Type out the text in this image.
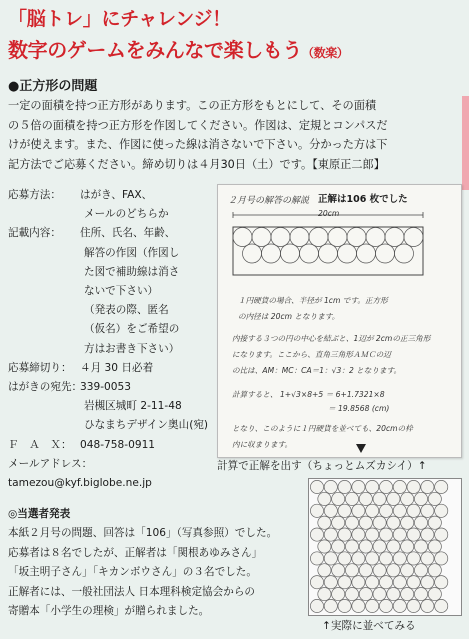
「脳トレ」にチャレンジ！
数字のゲームをみんなで楽しもう（数楽）
●正方形の問題
一定の面積を持つ正方形があります。この正方形をもとにして、その面積
の５倍の面積を持つ正方形を作図してください。作図は、定規とコンパスだ
けが使えます。また、作図に使った線は消さないで下さい。分かった方は下
記方法でご応募ください。締め切りは４月30日（土）です。【東原正二郎】
応募方法：	はがき、FAX、
メールのどちらか
記載内容：	住所、氏名、年齢、
解答の作図（作図し
た図で補助線は消さ
ないで下さい）
（発表の際、匿名
（仮名）をご希望の
方はお書き下さい）
応募締切り： ４月 30 日必着
はがきの宛先：
339-0053
岩槻区城町 2-11-48
ひなまちデザイン奥山(宛)
Ｆ　Ａ　Ｘ： 048-758-0911
メールアドレス：
tamezou@kyf.biglobe.ne.jp
正解は106 枚でした
２月号の解答の解説
20cm
１円硬貨の場合、半径が 1cm です。正方形
の内径は 20cm となります。
内接する３つの円の中心を結ぶと、1辺が 2cmの正三角形
になります。ここから、直角三角形ＡＭＣの辺
の比は、AM：MC：CA＝1：√3：2 となります。
計算すると、 1+√3×8+5 ＝ 6+1.7321×8
＝ 19.8568 (cm)
となり、このように１円硬貨を並べても、20cmの枠
内に収まります。
計算で正解を出す（ちょっとムズカシイ）↑
◎当選者発表
本紙２月号の問題、回答は「106」（写真参照）でした。
応募者は８名でしたが、正解者は「関根あゆみさん」
「坂主明子さん」「キカンボウさん」の３名でした。
正解者には、一般社団法人 日本理科検定協会からの
寄贈本「小学生の理検」が贈られました。
↑実際に並べてみる
